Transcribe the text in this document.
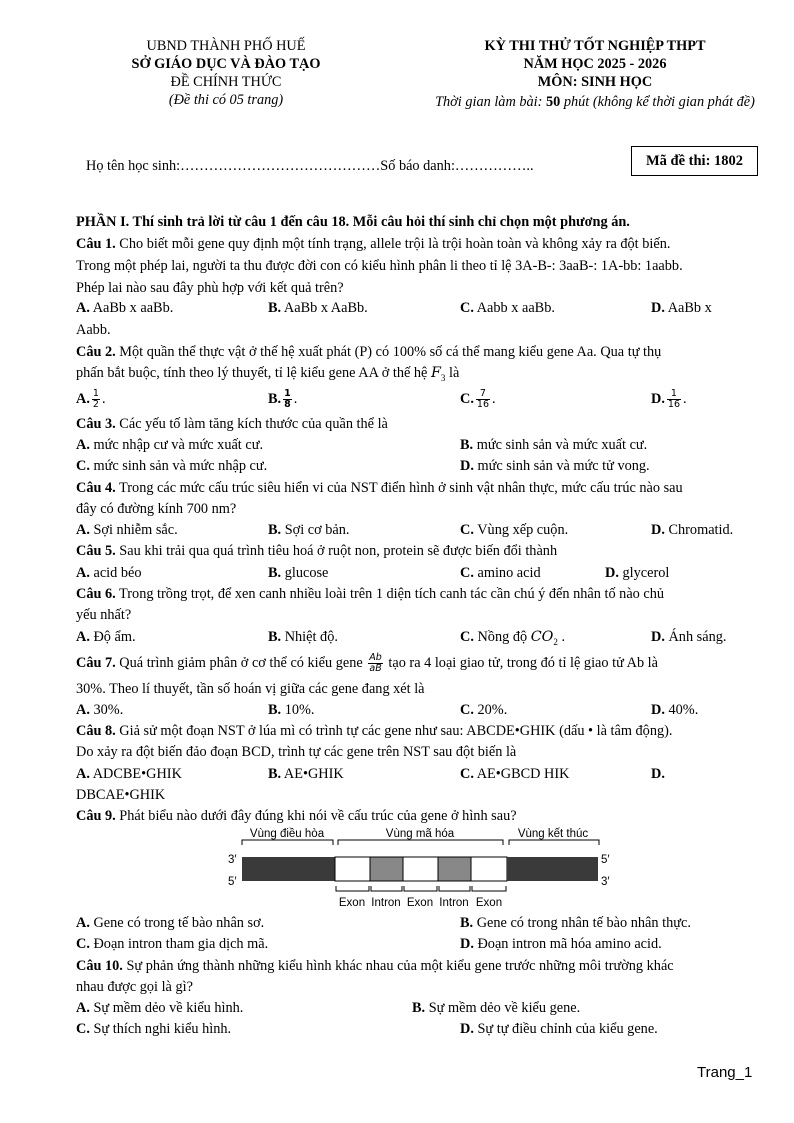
UBND THÀNH PHỐ HUẾ
SỞ GIÁO DỤC VÀ ĐÀO TẠO
ĐỀ CHÍNH THỨC
(Đề thi có 05 trang)
KỲ THI THỬ TỐT NGHIỆP THPT
NĂM HỌC 2025 - 2026
MÔN: SINH HỌC
Thời gian làm bài: 50 phút (không kể thời gian phát đề)
Họ tên học sinh:……………………………………Số báo danh:……………..	Mã đề thi: 1802
PHẦN I. Thí sinh trả lời từ câu 1 đến câu 18. Mỗi câu hỏi thí sinh chỉ chọn một phương án.
Câu 1. Cho biết mỗi gene quy định một tính trạng, allele trội là trội hoàn toàn và không xảy ra đột biến.
Trong một phép lai, người ta thu được đời con có kiểu hình phân li theo tỉ lệ 3A-B-: 3aaB-: 1A-bb: 1aabb.
Phép lai nào sau đây phù hợp với kết quả trên?
A. AaBb x aaBb.	B. AaBb x AaBb.	C. Aabb x aaBb.	D. AaBb x
Aabb.
Câu 2. Một quần thể thực vật ở thế hệ xuất phát (P) có 100% số cá thể mang kiểu gene Aa. Qua tự thụ
phấn bắt buộc, tính theo lý thuyết, tỉ lệ kiểu gene AA ở thế hệ $F_3$ là
A. $\frac{1}{2}$ .	B. $\frac{1}{8}$ .	C. $\frac{7}{16}$ .	D. $\frac{1}{16}$ .
Câu 3. Các yếu tố làm tăng kích thước của quần thể là
A. mức nhập cư và mức xuất cư.	B. mức sinh sản và mức xuất cư.
C. mức sinh sản và mức nhập cư.	D. mức sinh sản và mức tử vong.
Câu 4. Trong các mức cấu trúc siêu hiển vi của NST điển hình ở sinh vật nhân thực, mức cấu trúc nào sau
đây có đường kính 700 nm?
A. Sợi nhiễm sắc.	B. Sợi cơ bản.	C. Vùng xếp cuộn.	D. Chromatid.
Câu 5. Sau khi trải qua quá trình tiêu hoá ở ruột non, protein sẽ được biến đổi thành
A. acid béo	B. glucose	C. amino acid	D. glycerol
Câu 6. Trong trồng trọt, để xen canh nhiều loài trên 1 diện tích canh tác cần chú ý đến nhân tố nào chủ
yếu nhất?
A. Độ ẩm.	B. Nhiệt độ.	C. Nồng độ $CO_2$ .	D. Ánh sáng.
Câu 7. Quá trình giảm phân ở cơ thể có kiểu gene $\frac{Ab}{aB}$ tạo ra 4 loại giao tử, trong đó tỉ lệ giao tử Ab là
30%. Theo lí thuyết, tần số hoán vị giữa các gene đang xét là
A. 30%.	B. 10%.	C. 20%.	D. 40%.
Câu 8. Giả sử một đoạn NST ở lúa mì có trình tự các gene như sau: ABCDE•GHIK (dấu • là tâm động).
Do xảy ra đột biến đảo đoạn BCD, trình tự các gene trên NST sau đột biến là
A. ADCBE•GHIK	B. AE•GHIK	C. AE•GBCD HIK	D.
DBCAE•GHIK
Câu 9. Phát biểu nào dưới đây đúng khi nói về cấu trúc của gene ở hình sau?
Vùng điều hòa	Vùng mã hóa	Vùng kết thúc
3′
5′
5′
3′
Exon Intron Exon Intron Exon
A. Gene có trong tế bào nhân sơ.	B. Gene có trong nhân tế bào nhân thực.
C. Đoạn intron tham gia dịch mã.	D. Đoạn intron mã hóa amino acid.
Câu 10. Sự phản ứng thành những kiểu hình khác nhau của một kiểu gene trước những môi trường khác
nhau được gọi là gì?
A. Sự mềm dẻo về kiểu hình.	B. Sự mềm dẻo về kiểu gene.
C. Sự thích nghi kiểu hình.	D. Sự tự điều chỉnh của kiểu gene.
Trang_1
